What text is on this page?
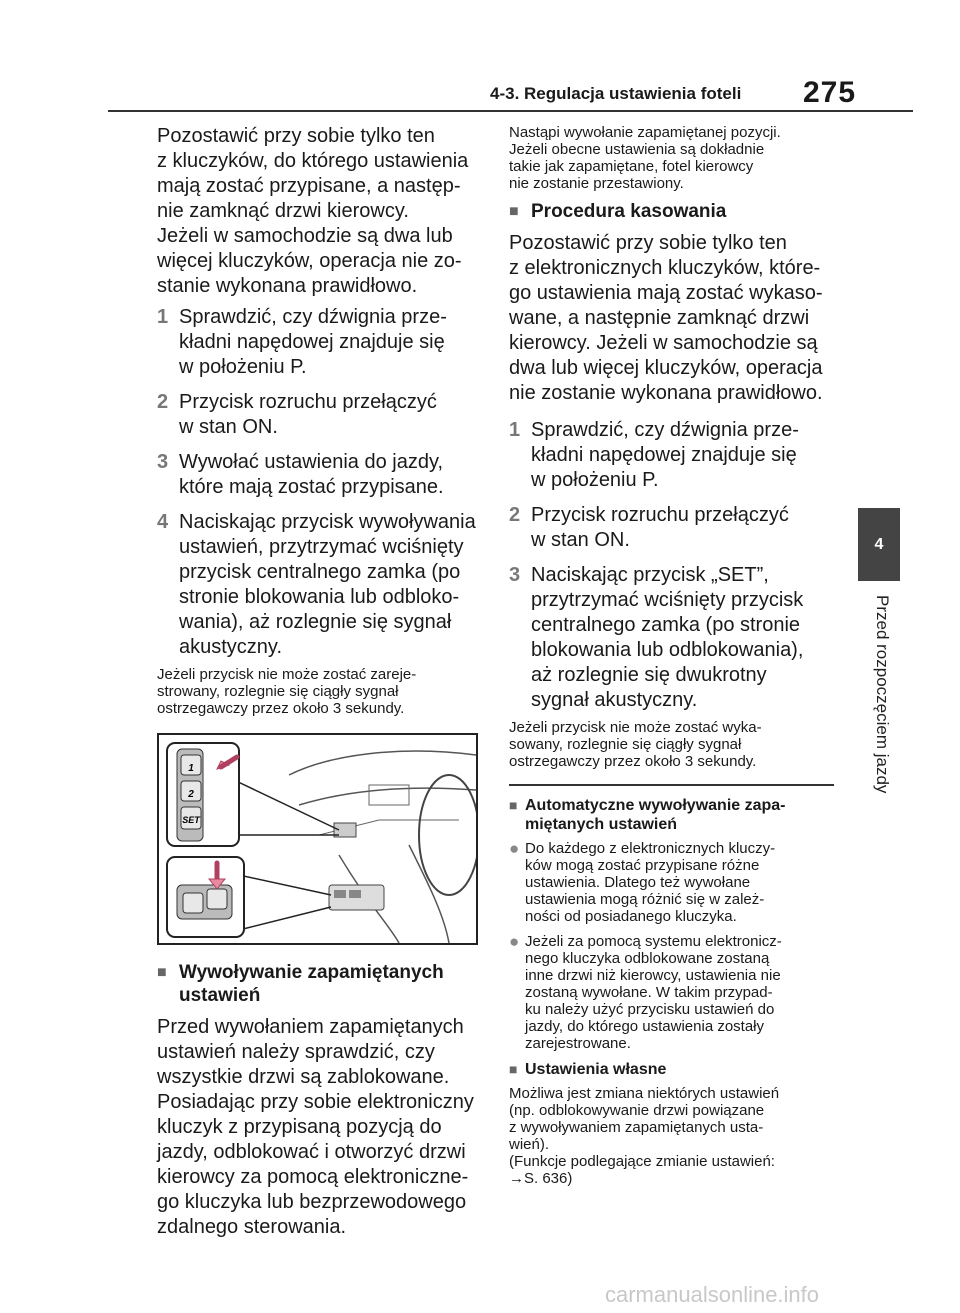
4-3. Regulacja ustawienia foteli 275
4
Przed rozpoczęciem jazdy

Pozostawić przy sobie tylko ten
z kluczyków, do którego ustawienia
mają zostać przypisane, a następ-
nie zamknąć drzwi kierowcy.
Jeżeli w samochodzie są dwa lub
więcej kluczyków, operacja nie zo-
stanie wykonana prawidłowo.

1 Sprawdzić, czy dźwignia prze-
kładni napędowej znajduje się
w położeniu P.
2 Przycisk rozruchu przełączyć
w stan ON.
3 Wywołać ustawienia do jazdy,
które mają zostać przypisane.
4 Naciskając przycisk wywoływania
ustawień, przytrzymać wciśnięty
przycisk centralnego zamka (po
stronie blokowania lub odbloko-
wania), aż rozlegnie się sygnał
akustyczny.

Jeżeli przycisk nie może zostać zareje-
strowany, rozlegnie się ciągły sygnał
ostrzegawczy przez około 3 sekundy.

1
2
SET
■ Wywoływanie zapamiętanych
ustawień

Przed wywołaniem zapamiętanych
ustawień należy sprawdzić, czy
wszystkie drzwi są zablokowane.
Posiadając przy sobie elektroniczny
kluczyk z przypisaną pozycją do
jazdy, odblokować i otworzyć drzwi
kierowcy za pomocą elektroniczne-
go kluczyka lub bezprzewodowego
zdalnego sterowania.

Nastąpi wywołanie zapamiętanej pozycji.
Jeżeli obecne ustawienia są dokładnie
takie jak zapamiętane, fotel kierowcy
nie zostanie przestawiony.

■ Procedura kasowania

Pozostawić przy sobie tylko ten
z elektronicznych kluczyków, które-
go ustawienia mają zostać wykaso-
wane, a następnie zamknąć drzwi
kierowcy. Jeżeli w samochodzie są
dwa lub więcej kluczyków, operacja
nie zostanie wykonana prawidłowo.

1 Sprawdzić, czy dźwignia prze-
kładni napędowej znajduje się
w położeniu P.
2 Przycisk rozruchu przełączyć
w stan ON.
3 Naciskając przycisk „SET”,
przytrzymać wciśnięty przycisk
centralnego zamka (po stronie
blokowania lub odblokowania),
aż rozlegnie się dwukrotny
sygnał akustyczny.

Jeżeli przycisk nie może zostać wyka-
sowany, rozlegnie się ciągły sygnał
ostrzegawczy przez około 3 sekundy.

■ Automatyczne wywoływanie zapa-
miętanych ustawień
● Do każdego z elektronicznych kluczy-
ków mogą zostać przypisane różne
ustawienia. Dlatego też wywołane
ustawienia mogą różnić się w zależ-
ności od posiadanego kluczyka.
● Jeżeli za pomocą systemu elektronicz-
nego kluczyka odblokowane zostaną
inne drzwi niż kierowcy, ustawienia nie
zostaną wywołane. W takim przypad-
ku należy użyć przycisku ustawień do
jazdy, do którego ustawienia zostały
zarejestrowane.
■ Ustawienia własne

Możliwa jest zmiana niektórych ustawień
(np. odblokowywanie drzwi powiązane
z wywoływaniem zapamiętanych usta-
wień).
(Funkcje podlegające zmianie ustawień:
→S. 636)

carmanualsonline.info
